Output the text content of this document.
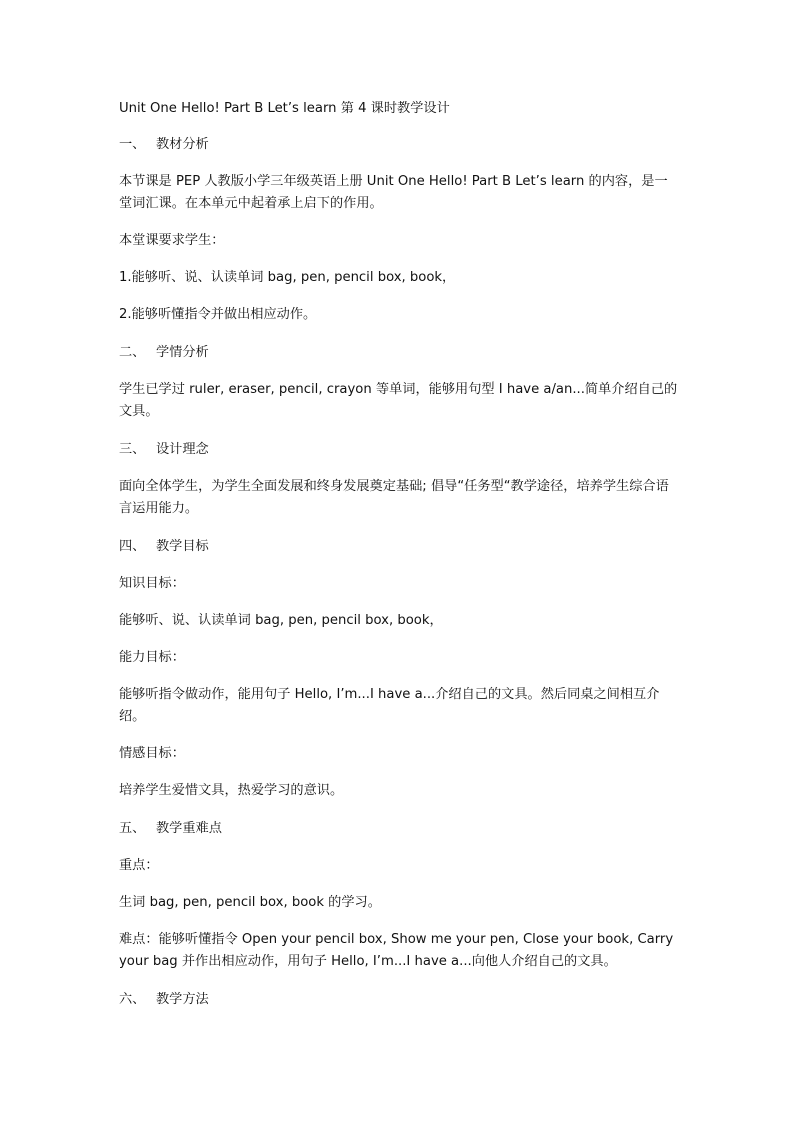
Unit One Hello! Part B Let’s learn 第 4 课时教学设计

一、 教材分析

本节课是 PEP 人教版小学三年级英语上册 Unit One Hello! Part B Let’s learn 的内容，是一堂词汇课。在本单元中起着承上启下的作用。

本堂课要求学生：

1.能够听、说、认读单词 bag, pen, pencil box, book，

2.能够听懂指令并做出相应动作。

二、 学情分析

学生已学过 ruler, eraser, pencil, crayon 等单词，能够用句型 I have a/an...简单介绍自己的文具。

三、 设计理念

面向全体学生，为学生全面发展和终身发展奠定基础; 倡导“任务型“教学途径，培养学生综合语言运用能力。

四、 教学目标

知识目标：

能够听、说、认读单词 bag, pen, pencil box, book，

能力目标：

能够听指令做动作，能用句子 Hello, I’m...I have a...介绍自己的文具。然后同桌之间相互介绍。

情感目标：

培养学生爱惜文具，热爱学习的意识。

五、 教学重难点

重点：

生词 bag, pen, pencil box, book 的学习。

难点：能够听懂指令 Open your pencil box, Show me your pen, Close your book, Carry your bag 并作出相应动作，用句子 Hello, I’m...I have a...向他人介绍自己的文具。

六、 教学方法
